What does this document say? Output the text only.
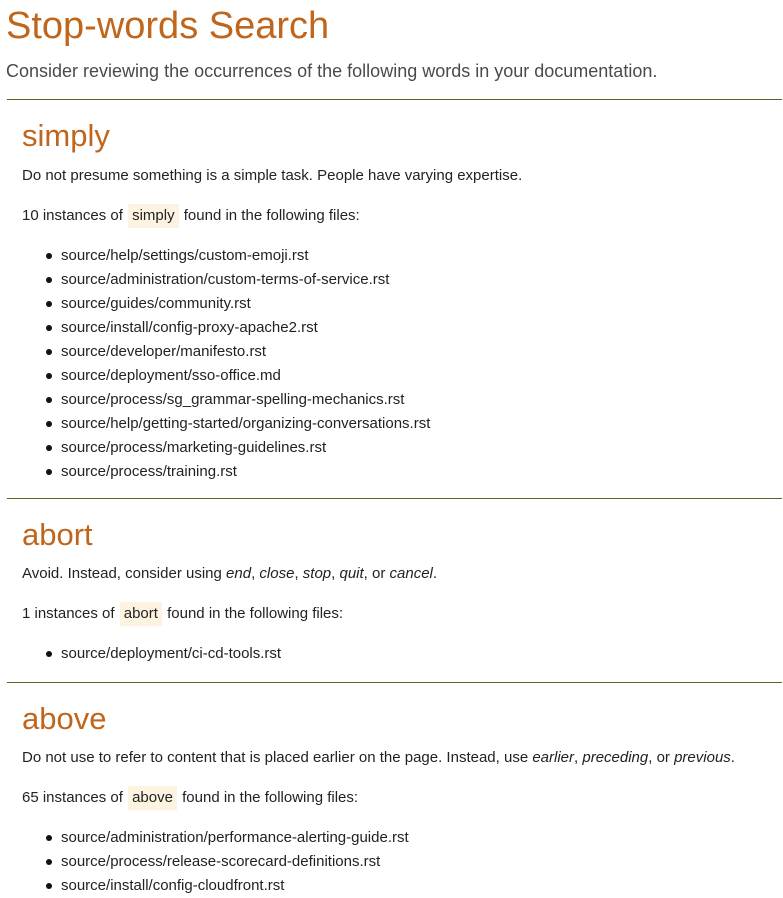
Stop-words Search

Consider reviewing the occurrences of the following words in your documentation.

simply

Do not presume something is a simple task. People have varying expertise.

10 instances of simply found in the following files:

source/help/settings/custom-emoji.rst
source/administration/custom-terms-of-service.rst
source/guides/community.rst
source/install/config-proxy-apache2.rst
source/developer/manifesto.rst
source/deployment/sso-office.md
source/process/sg_grammar-spelling-mechanics.rst
source/help/getting-started/organizing-conversations.rst
source/process/marketing-guidelines.rst
source/process/training.rst
abort

Avoid. Instead, consider using end, close, stop, quit, or cancel.

1 instances of abort found in the following files:

source/deployment/ci-cd-tools.rst
above

Do not use to refer to content that is placed earlier on the page. Instead, use earlier, preceding, or previous.

65 instances of above found in the following files:

source/administration/performance-alerting-guide.rst
source/process/release-scorecard-definitions.rst
source/install/config-cloudfront.rst
